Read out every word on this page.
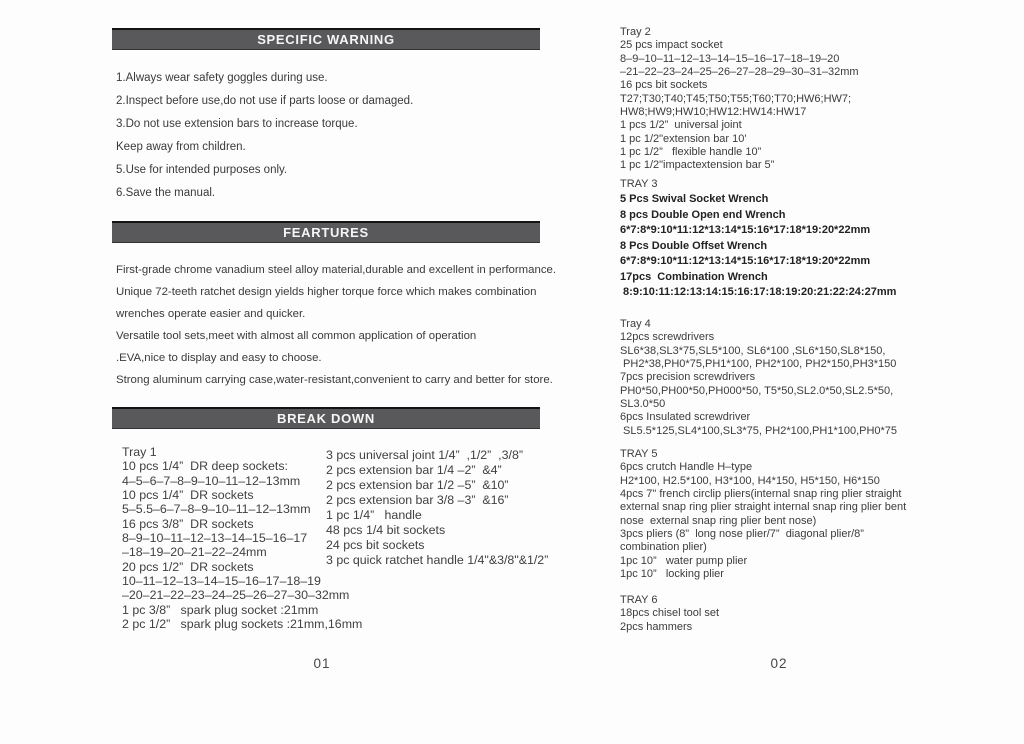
SPECIFIC WARNING
1.Always wear safety goggles during use.
2.Inspect before use,do not use if parts loose or damaged.
3.Do not use extension bars to increase torque.
Keep away from children.
5.Use for intended purposes only.
6.Save the manual.
FEARTURES
First-grade chrome vanadium steel alloy material,durable and excellent in performance.
Unique 72-teeth ratchet design yields higher torque force which makes combination
wrenches operate easier and quicker.
Versatile tool sets,meet with almost all common application of operation
.EVA,nice to display and easy to choose.
Strong aluminum carrying case,water-resistant,convenient to carry and better for store.
BREAK DOWN
Tray 1
10 pcs 1/4”  DR deep sockets:
4–5–6–7–8–9–10–11–12–13mm
10 pcs 1/4”  DR sockets
5–5.5–6–7–8–9–10–11–12–13mm
16 pcs 3/8”  DR sockets
8–9–10–11–12–13–14–15–16–17
–18–19–20–21–22–24mm
20 pcs 1/2”  DR sockets
10–11–12–13–14–15–16–17–18–19
–20–21–22–23–24–25–26–27–30–32mm
1 pc 3/8”   spark plug socket :21mm
2 pc 1/2”   spark plug sockets :21mm,16mm
3 pcs universal joint 1/4”  ,1/2”  ,3/8”
2 pcs extension bar 1/4 –2”  &4”
2 pcs extension bar 1/2 –5”  &10”
2 pcs extension bar 3/8 –3”  &16”
1 pc 1/4”   handle
48 pcs 1/4 bit sockets
24 pcs bit sockets
3 pc quick ratchet handle 1/4"&3/8"&1/2”
01
Tray 2
25 pcs impact socket
8–9–10–11–12–13–14–15–16–17–18–19–20
–21–22–23–24–25–26–27–28–29–30–31–32mm
16 pcs bit sockets
T27;T30;T40;T45;T50;T55;T60;T70;HW6;HW7;
HW8;HW9;HW10;HW12:HW14:HW17
1 pcs 1/2”  universal joint
1 pc 1/2"extension bar 10'
1 pc 1/2”   flexible handle 10”
1 pc 1/2"impactextension bar 5”
TRAY 3
5 Pcs Swival Socket Wrench
8 pcs Double Open end Wrench
6*7:8*9:10*11:12*13:14*15:16*17:18*19:20*22mm
8 Pcs Double Offset Wrench
6*7:8*9:10*11:12*13:14*15:16*17:18*19:20*22mm
17pcs  Combination Wrench
8:9:10:11:12:13:14:15:16:17:18:19:20:21:22:24:27mm
Tray 4
12pcs screwdrivers
SL6*38,SL3*75,SL5*100, SL6*100 ,SL6*150,SL8*150,
PH2*38,PH0*75,PH1*100, PH2*100, PH2*150,PH3*150
7pcs precision screwdrivers
PH0*50,PH00*50,PH000*50, T5*50,SL2.0*50,SL2.5*50,
SL3.0*50
6pcs Insulated screwdriver
SL5.5*125,SL4*100,SL3*75, PH2*100,PH1*100,PH0*75
TRAY 5
6pcs crutch Handle H–type
H2*100, H2.5*100, H3*100, H4*150, H5*150, H6*150
4pcs 7" french circlip pliers(internal snap ring plier straight
external snap ring plier straight internal snap ring plier bent
nose  external snap ring plier bent nose)
3pcs pliers (8”  long nose plier/7”  diagonal plier/8”
combination plier)
1pc 10”   water pump plier
1pc 10”   locking plier
TRAY 6
18pcs chisel tool set
2pcs hammers
02
